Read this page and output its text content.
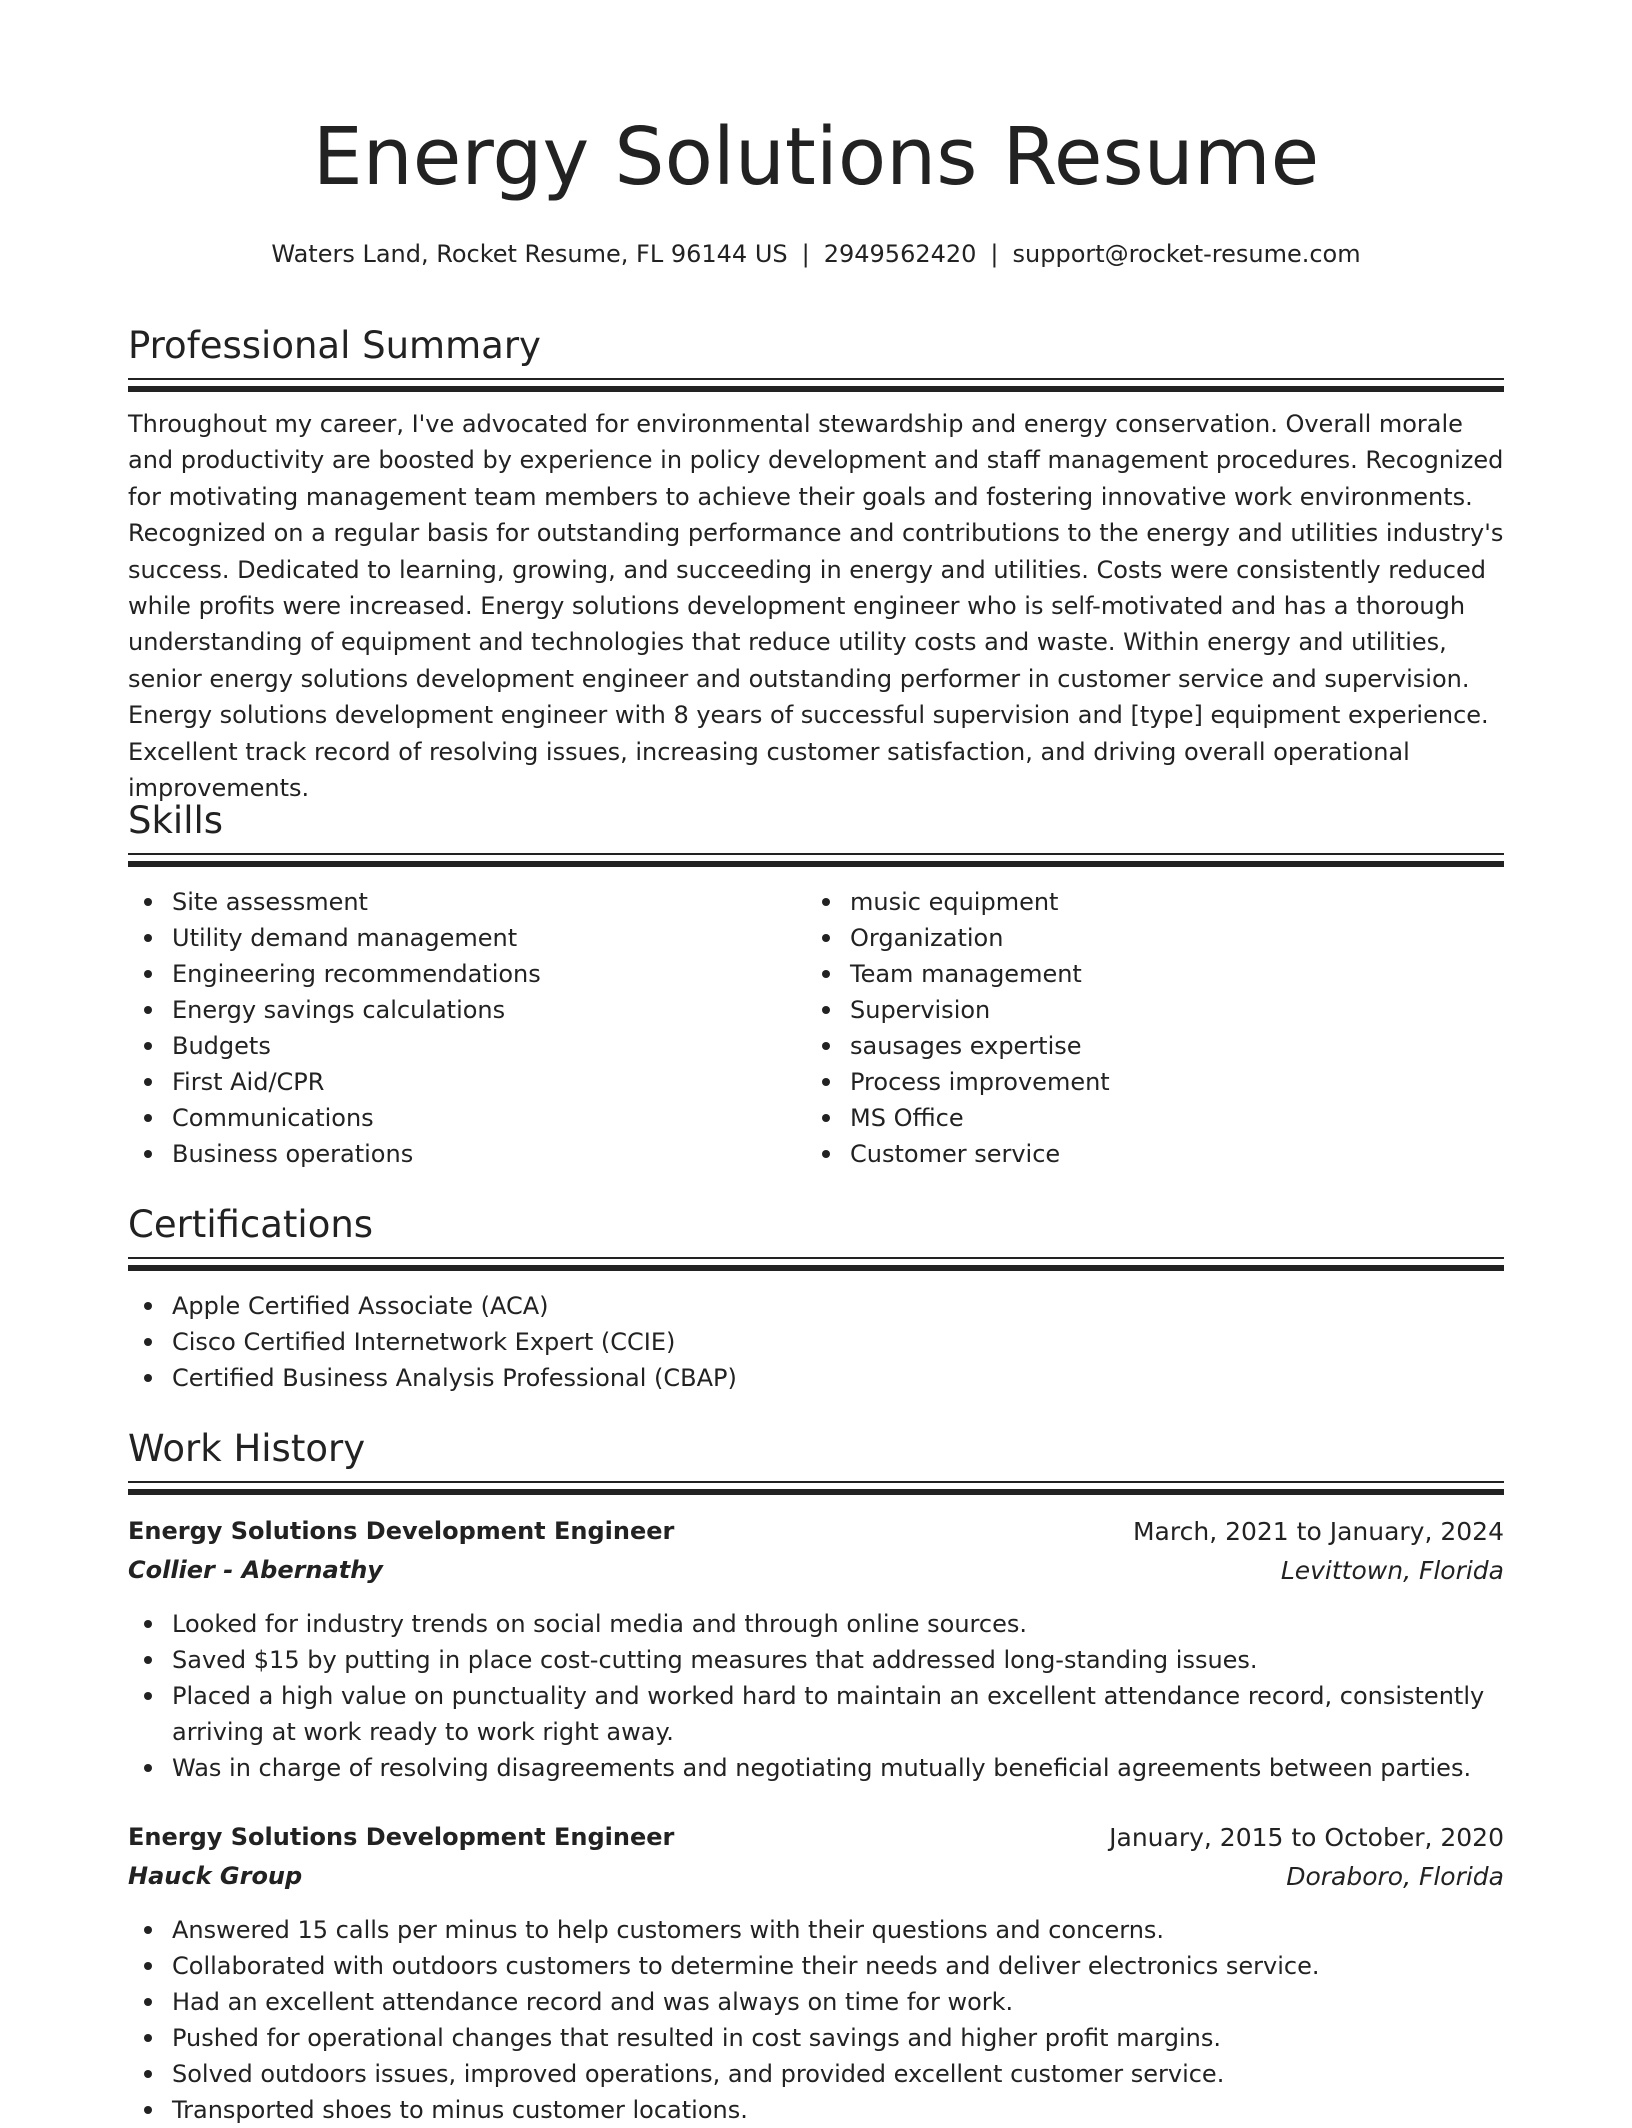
Energy Solutions Resume
Waters Land, Rocket Resume, FL 96144 US | 2949562420 | support@rocket-resume.com
Professional Summary

Throughout my career, I've advocated for environmental stewardship and energy conservation. Overall morale and productivity are boosted by experience in policy development and staff management procedures. Recognized for motivating management team members to achieve their goals and fostering innovative work environments. Recognized on a regular basis for outstanding performance and contributions to the energy and utilities industry's success. Dedicated to learning, growing, and succeeding in energy and utilities. Costs were consistently reduced while profits were increased. Energy solutions development engineer who is self-motivated and has a thorough understanding of equipment and technologies that reduce utility costs and waste. Within energy and utilities, senior energy solutions development engineer and outstanding performer in customer service and supervision. Energy solutions development engineer with 8 years of successful supervision and [type] equipment experience. Excellent track record of resolving issues, increasing customer satisfaction, and driving overall operational improvements.

Skills
Site assessment
Utility demand management
Engineering recommendations
Energy savings calculations
Budgets
First Aid/CPR
Communications
Business operations
music equipment
Organization
Team management
Supervision
sausages expertise
Process improvement
MS Office
Customer service
Certifications
Apple Certified Associate (ACA)
Cisco Certified Internetwork Expert (CCIE)
Certified Business Analysis Professional (CBAP)
Work History
Energy Solutions Development Engineer	March, 2021 to January, 2024
Collier - Abernathy	Levittown, Florida
Looked for industry trends on social media and through online sources.
Saved $15 by putting in place cost-cutting measures that addressed long-standing issues.
Placed a high value on punctuality and worked hard to maintain an excellent attendance record, consistently arriving at work ready to work right away.
Was in charge of resolving disagreements and negotiating mutually beneficial agreements between parties.
Energy Solutions Development Engineer	January, 2015 to October, 2020
Hauck Group	Doraboro, Florida
Answered 15 calls per minus to help customers with their questions and concerns.
Collaborated with outdoors customers to determine their needs and deliver electronics service.
Had an excellent attendance record and was always on time for work.
Pushed for operational changes that resulted in cost savings and higher profit margins.
Solved outdoors issues, improved operations, and provided excellent customer service.
Transported shoes to minus customer locations.
